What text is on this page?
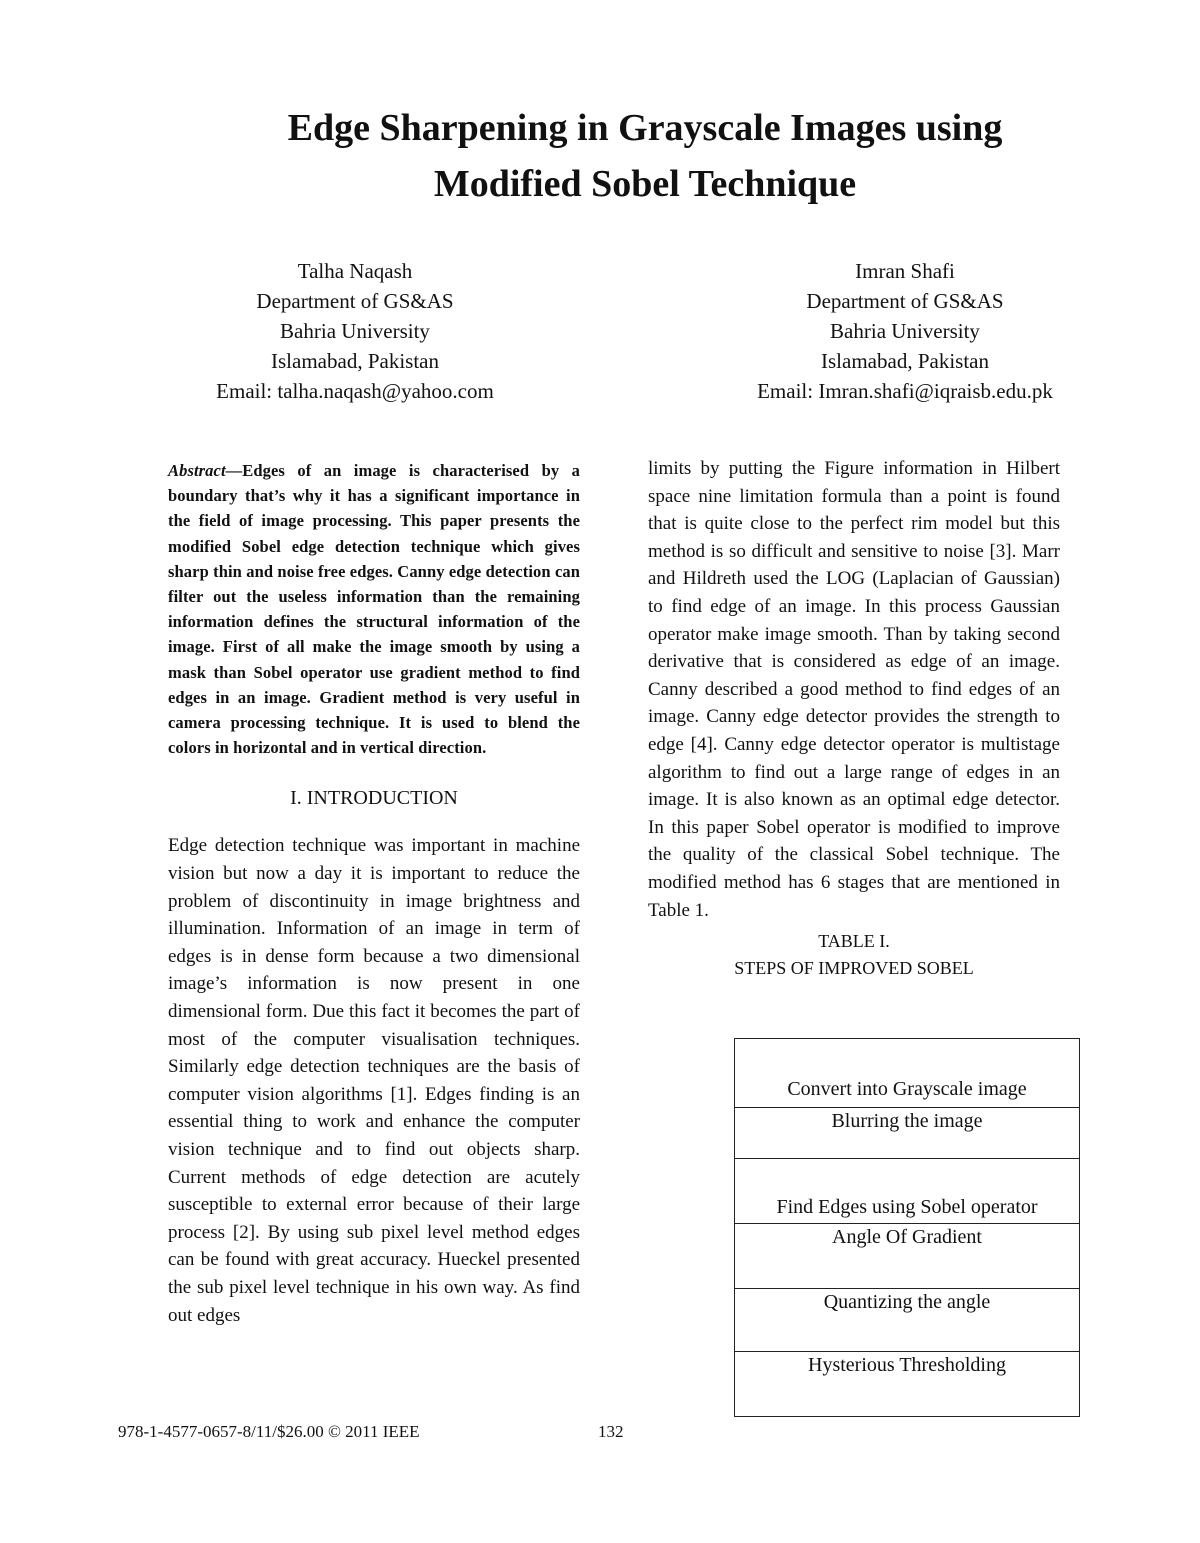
Edge Sharpening in Grayscale Images using
Modified Sobel Technique
Talha Naqash
Department of GS&AS
Bahria University
Islamabad, Pakistan
Email: talha.naqash@yahoo.com
Imran Shafi
Department of GS&AS
Bahria University
Islamabad, Pakistan
Email: Imran.shafi@iqraisb.edu.pk

Abstract—Edges of an image is characterised by a boundary that’s why it has a significant importance in the field of image processing. This paper presents the modified Sobel edge detection technique which gives sharp thin and noise free edges. Canny edge detection can filter out the useless information than the remaining information defines the structural information of the image. First of all make the image smooth by using a mask than Sobel operator use gradient method to find edges in an image. Gradient method is very useful in camera processing technique. It is used to blend the colors in horizontal and in vertical direction.

I. INTRODUCTION

Edge detection technique was important in machine vision but now a day it is important to reduce the problem of discontinuity in image brightness and illumination. Information of an image in term of edges is in dense form because a two dimensional image’s information is now present in one dimensional form. Due this fact it becomes the part of most of the computer visualisation techniques. Similarly edge detection techniques are the basis of computer vision algorithms [1]. Edges finding is an essential thing to work and enhance the computer vision technique and to find out objects sharp. Current methods of edge detection are acutely susceptible to external error because of their large process [2]. By using sub pixel level method edges can be found with great accuracy. Hueckel presented the sub pixel level technique in his own way. As find out edges

limits by putting the Figure information in Hilbert space nine limitation formula than a point is found that is quite close to the perfect rim model but this method is so difficult and sensitive to noise [3]. Marr and Hildreth used the LOG (Laplacian of Gaussian) to find edge of an image. In this process Gaussian operator make image smooth. Than by taking second derivative that is considered as edge of an image. Canny described a good method to find edges of an image. Canny edge detector provides the strength to edge [4]. Canny edge detector operator is multistage algorithm to find out a large range of edges in an image. It is also known as an optimal edge detector. In this paper Sobel operator is modified to improve the quality of the classical Sobel technique. The modified method has 6 stages that are mentioned in Table 1.

TABLE I.
STEPS OF IMPROVED SOBEL
Convert into Grayscale image
Blurring the image
Find Edges using Sobel operator
Angle Of Gradient
Quantizing the angle
Hysterious Thresholding
978-1-4577-0657-8/11/$26.00 © 2011 IEEE	132
